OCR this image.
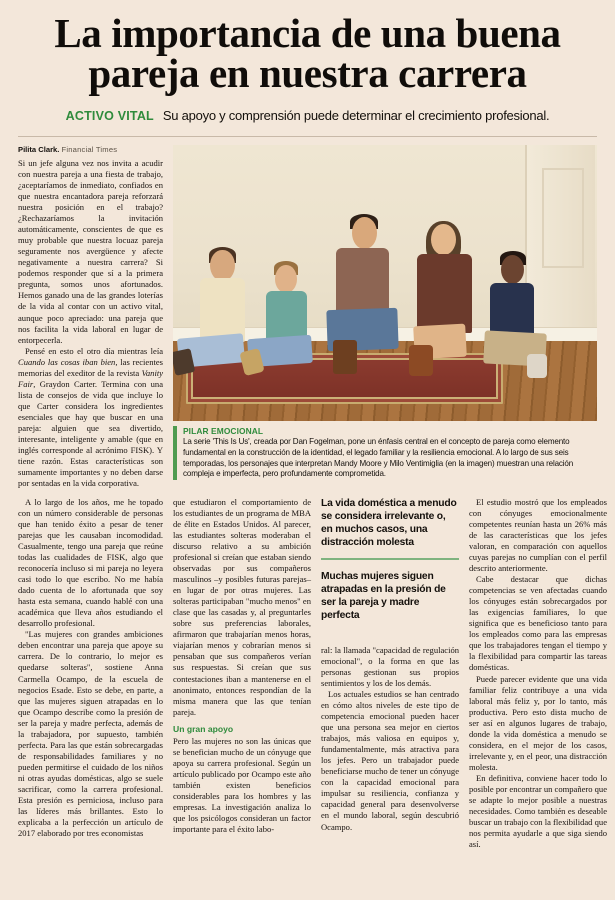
La importancia de una buena
pareja en nuestra carrera
ACTIVO VITAL Su apoyo y comprensión puede determinar el crecimiento profesional.
Pilita Clark. Financial Times

Si un jefe alguna vez nos invita a acudir con nuestra pareja a una fiesta de trabajo, ¿aceptaríamos de inmediato, confiados en que nuestra encantadora pareja reforzará nuestra posición en el trabajo? ¿Rechazaríamos la invitación automáticamente, conscientes de que es muy probable que nuestra locuaz pareja seguramente nos avergüence y afecte negativamente a nuestra carrera? Si podemos responder que sí a la primera pregunta, somos unos afortunados. Hemos ganado una de las grandes loterías de la vida al contar con un activo vital, aunque poco apreciado: una pareja que nos facilita la vida laboral en lugar de entorpecerla.

Pensé en esto el otro día mientras leía Cuando las cosas iban bien, las recientes memorias del exeditor de la revista Vanity Fair, Graydon Carter. Termina con una lista de consejos de vida que incluye lo que Carter considera los ingredientes esenciales que hay que buscar en una pareja: alguien que sea divertido, interesante, inteligente y amable (que en inglés corresponde al acrónimo FISK). Y tiene razón. Estas características son sumamente importantes y no deben darse por sentadas en la vida corporativa.

PILAR EMOCIONAL
La serie 'This Is Us', creada por Dan Fogelman, pone un énfasis central en el concepto de pareja como elemento fundamental en la construcción de la identidad, el legado familiar y la resiliencia emocional. A lo largo de sus seis temporadas, los personajes que interpretan Mandy Moore y Milo Ventimiglia (en la imagen) muestran una relación compleja e imperfecta, pero profundamente comprometida.

A lo largo de los años, me he topado con un número considerable de personas que han tenido éxito a pesar de tener parejas que les causaban incomodidad. Casualmente, tengo una pareja que reúne todas las cualidades de FISK, algo que reconocería incluso si mi pareja no leyera casi todo lo que escribo. No me había dado cuenta de lo afortunada que soy hasta esta semana, cuando hablé con una académica que lleva años estudiando el desarrollo profesional.

"Las mujeres con grandes ambiciones deben encontrar una pareja que apoye su carrera. De lo contrario, lo mejor es quedarse solteras", sostiene Anna Carmella Ocampo, de la escuela de negocios Esade. Esto se debe, en parte, a que las mujeres siguen atrapadas en lo que Ocampo describe como la presión de ser la pareja y madre perfecta, además de la trabajadora, por supuesto, también perfecta. Para las que están sobrecargadas de responsabilidades familiares y no pueden permitirse el cuidado de los niños ni otras ayudas domésticas, algo se suele sacrificar, como la carrera profesional. Esta presión es perniciosa, incluso para las líderes más brillantes. Esto lo explicaba a la perfección un artículo de 2017 elaborado por tres economistas

que estudiaron el comportamiento de los estudiantes de un programa de MBA de élite en Estados Unidos. Al parecer, las estudiantes solteras moderaban el discurso relativo a su ambición profesional si creían que estaban siendo observadas por sus compañeros masculinos –y posibles futuras parejas– en lugar de por otras mujeres. Las solteras participaban "mucho menos" en clase que las casadas y, al preguntarles sobre sus preferencias laborales, afirmaron que trabajarían menos horas, viajarían menos y cobrarían menos si pensaban que sus compañeros verían sus respuestas. Si creían que sus contestaciones iban a mantenerse en el anonimato, entonces respondían de la misma manera que las que tenían pareja.

Un gran apoyo

Pero las mujeres no son las únicas que se benefician mucho de un cónyuge que apoya su carrera profesional. Según un artículo publicado por Ocampo este año también existen beneficios considerables para los hombres y las empresas. La investigación analiza lo que los psicólogos consideran un factor importante para el éxito labo-

La vida doméstica a menudo se considera irrelevante o, en muchos casos, una distracción molesta
Muchas mujeres siguen atrapadas en la presión de ser la pareja y madre perfecta

ral: la llamada "capacidad de regulación emocional", o la forma en que las personas gestionan sus propios sentimientos y los de los demás.

Los actuales estudios se han centrado en cómo altos niveles de este tipo de competencia emocional pueden hacer que una persona sea mejor en ciertos trabajos, más valiosa en equipos y, fundamentalmente, más atractiva para los jefes. Pero un trabajador puede beneficiarse mucho de tener un cónyuge con la capacidad emocional para impulsar su resiliencia, confianza y capacidad general para desenvolverse en el mundo laboral, según descubrió Ocampo.

El estudio mostró que los empleados con cónyuges emocionalmente competentes reunían hasta un 26% más de las características que los jefes valoran, en comparación con aquellos cuyas parejas no cumplían con el perfil descrito anteriormente.

Cabe destacar que dichas competencias se ven afectadas cuando los cónyuges están sobrecargados por las exigencias familiares, lo que significa que es beneficioso tanto para los empleados como para las empresas que los trabajadores tengan el tiempo y la flexibilidad para compartir las tareas domésticas.

Puede parecer evidente que una vida familiar feliz contribuye a una vida laboral más feliz y, por lo tanto, más productiva. Pero esto dista mucho de ser así en algunos lugares de trabajo, donde la vida doméstica a menudo se considera, en el mejor de los casos, irrelevante y, en el peor, una distracción molesta.

En definitiva, conviene hacer todo lo posible por encontrar un compañero que se adapte lo mejor posible a nuestras necesidades. Como también es deseable buscar un trabajo con la flexibilidad que nos permita ayudarle a que siga siendo así.
